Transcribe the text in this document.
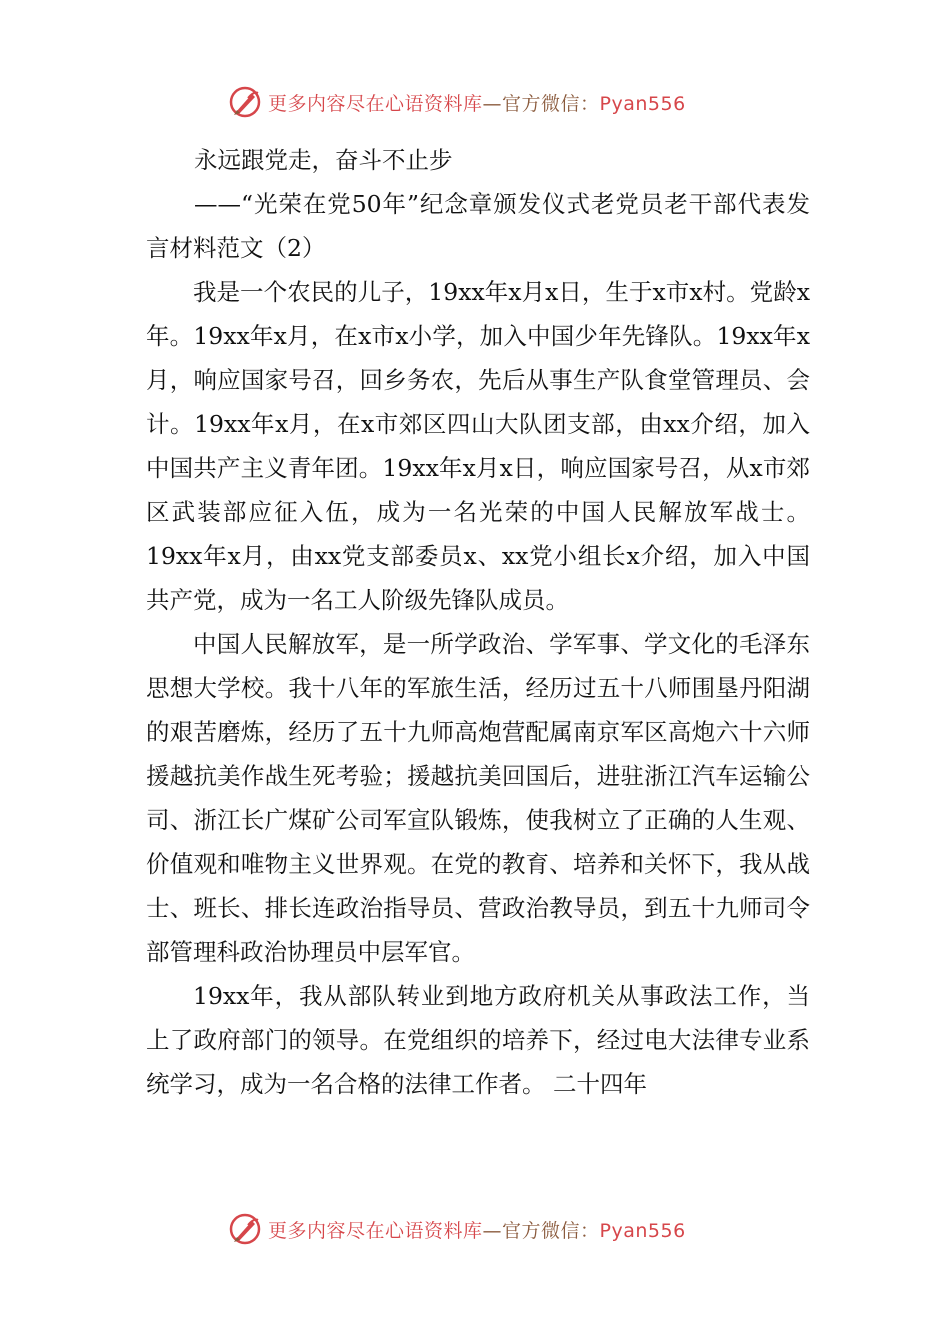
更多内容尽在心语资料库—官方微信：Pyan556

永远跟党走，奋斗不止步

——“光荣在党50年”纪念章颁发仪式老党员老干部代表发言材料范文（2）

我是一个农民的儿子，19xx年x月x日，生于x市x村。党龄x年。19xx年x月，在x市x小学，加入中国少年先锋队。19xx年x月，响应国家号召，回乡务农，先后从事生产队食堂管理员、会计。19xx年x月，在x市郊区四山大队团支部，由xx介绍，加入中国共产主义青年团。19xx年x月x日，响应国家号召，从x市郊区武装部应征入伍，成为一名光荣的中国人民解放军战士。19xx年x月，由xx党支部委员x、xx党小组长x介绍，加入中国共产党，成为一名工人阶级先锋队成员。

中国人民解放军，是一所学政治、学军事、学文化的毛泽东思想大学校。我十八年的军旅生活，经历过五十八师围垦丹阳湖的艰苦磨炼，经历了五十九师高炮营配属南京军区高炮六十六师援越抗美作战生死考验；援越抗美回国后，进驻浙江汽车运输公司、浙江长广煤矿公司军宣队锻炼，使我树立了正确的人生观、价值观和唯物主义世界观。在党的教育、培养和关怀下，我从战士、班长、排长连政治指导员、营政治教导员，到五十九师司令部管理科政治协理员中层军官。

19xx年，我从部队转业到地方政府机关从事政法工作，当上了政府部门的领导。在党组织的培养下，经过电大法律专业系统学习，成为一名合格的法律工作者。 二十四年

更多内容尽在心语资料库—官方微信：Pyan556
